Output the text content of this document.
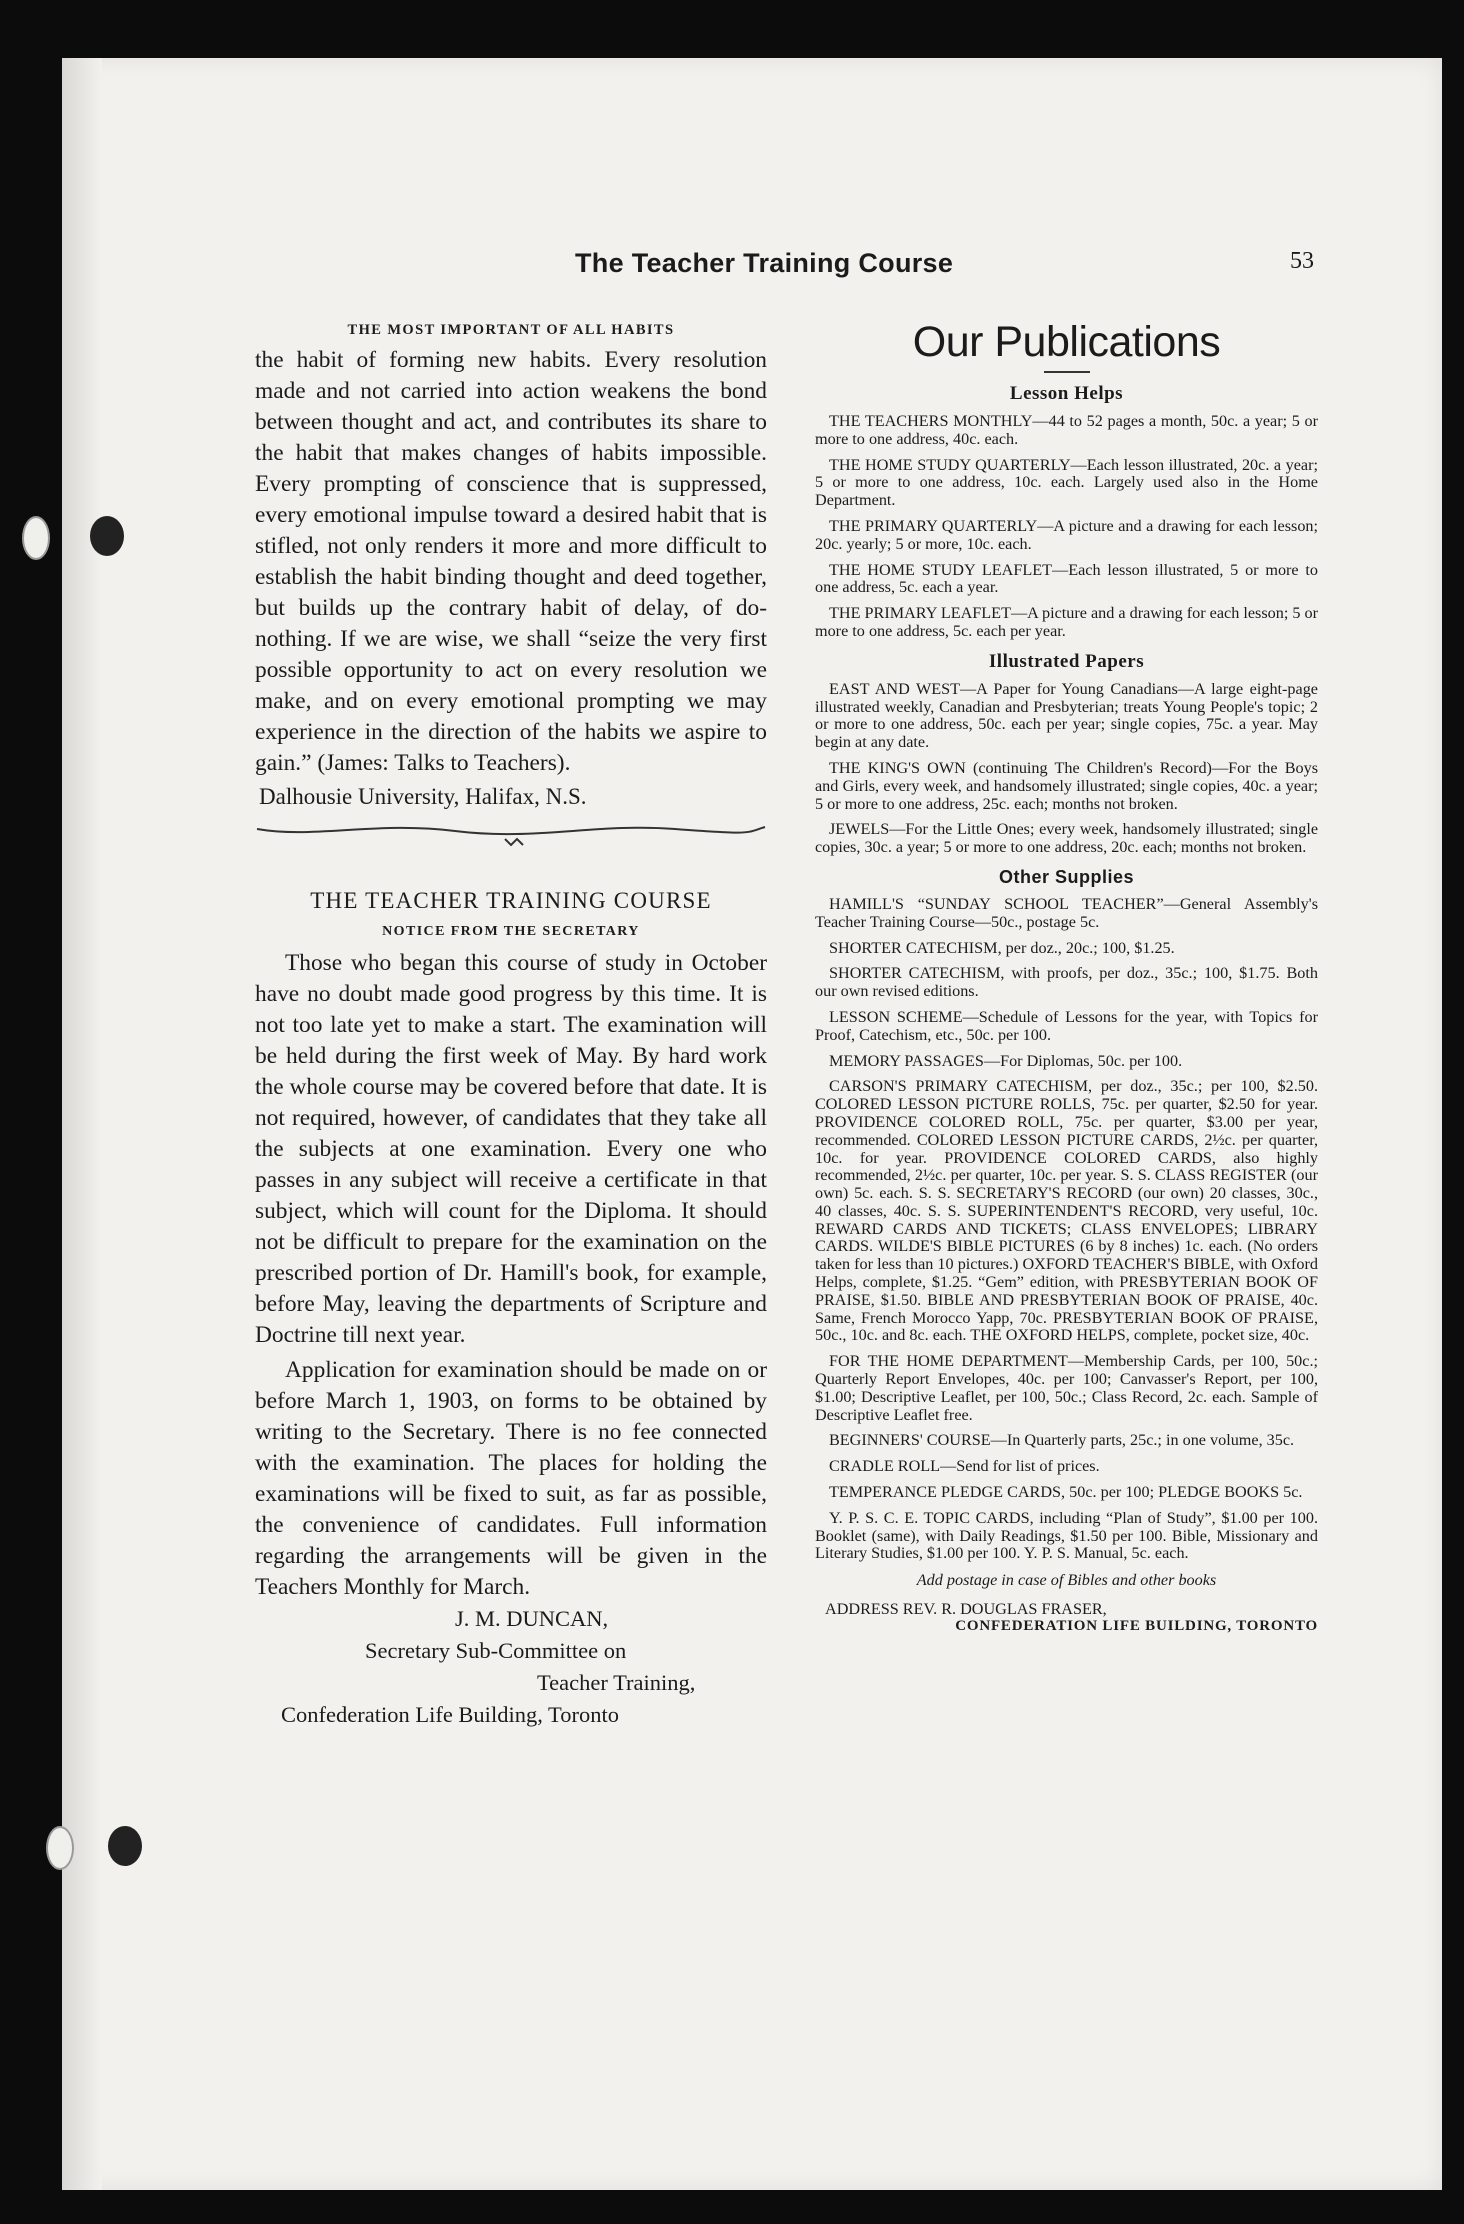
The Teacher Training Course	53

THE MOST IMPORTANT OF ALL HABITS

the habit of forming new habits. Every resolution made and not carried into action weakens the bond between thought and act, and contributes its share to the habit that makes changes of habits impossible. Every prompting of conscience that is suppressed, every emotional impulse toward a desired habit that is stifled, not only renders it more and more difficult to establish the habit binding thought and deed together, but builds up the contrary habit of delay, of do-nothing. If we are wise, we shall “seize the very first possible opportunity to act on every resolution we make, and on every emotional prompting we may experience in the direction of the habits we aspire to gain.” (James: Talks to Teachers).

Dalhousie University, Halifax, N.S.

THE TEACHER TRAINING COURSE

NOTICE FROM THE SECRETARY

Those who began this course of study in October have no doubt made good progress by this time. It is not too late yet to make a start. The examination will be held during the first week of May. By hard work the whole course may be covered before that date. It is not required, however, of candidates that they take all the subjects at one examination. Every one who passes in any subject will receive a certificate in that subject, which will count for the Diploma. It should not be difficult to prepare for the examination on the prescribed portion of Dr. Hamill's book, for example, before May, leaving the departments of Scripture and Doctrine till next year.

Application for examination should be made on or before March 1, 1903, on forms to be obtained by writing to the Secretary. There is no fee connected with the examination. The places for holding the examinations will be fixed to suit, as far as possible, the convenience of candidates. Full information regarding the arrangements will be given in the Teachers Monthly for March.

J. M. DUNCAN,

Secretary Sub-Committee on

Teacher Training,

Confederation Life Building, Toronto

Our Publications

Lesson Helps

THE TEACHERS MONTHLY—44 to 52 pages a month, 50c. a year; 5 or more to one address, 40c. each.

THE HOME STUDY QUARTERLY—Each lesson illustrated, 20c. a year; 5 or more to one address, 10c. each. Largely used also in the Home Department.

THE PRIMARY QUARTERLY—A picture and a drawing for each lesson; 20c. yearly; 5 or more, 10c. each.

THE HOME STUDY LEAFLET—Each lesson illustrated, 5 or more to one address, 5c. each a year.

THE PRIMARY LEAFLET—A picture and a drawing for each lesson; 5 or more to one address, 5c. each per year.

Illustrated Papers

EAST AND WEST—A Paper for Young Canadians—A large eight-page illustrated weekly, Canadian and Presbyterian; treats Young People's topic; 2 or more to one address, 50c. each per year; single copies, 75c. a year. May begin at any date.

THE KING'S OWN (continuing The Children's Record)—For the Boys and Girls, every week, and handsomely illustrated; single copies, 40c. a year; 5 or more to one address, 25c. each; months not broken.

JEWELS—For the Little Ones; every week, handsomely illustrated; single copies, 30c. a year; 5 or more to one address, 20c. each; months not broken.

Other Supplies

HAMILL'S “SUNDAY SCHOOL TEACHER”—General Assembly's Teacher Training Course—50c., postage 5c.

SHORTER CATECHISM, per doz., 20c.; 100, $1.25.

SHORTER CATECHISM, with proofs, per doz., 35c.; 100, $1.75. Both our own revised editions.

LESSON SCHEME—Schedule of Lessons for the year, with Topics for Proof, Catechism, etc., 50c. per 100.

MEMORY PASSAGES—For Diplomas, 50c. per 100.

CARSON'S PRIMARY CATECHISM, per doz., 35c.; per 100, $2.50. COLORED LESSON PICTURE ROLLS, 75c. per quarter, $2.50 for year. PROVIDENCE COLORED ROLL, 75c. per quarter, $3.00 per year, recommended. COLORED LESSON PICTURE CARDS, 2½c. per quarter, 10c. for year. PROVIDENCE COLORED CARDS, also highly recommended, 2½c. per quarter, 10c. per year. S. S. CLASS REGISTER (our own) 5c. each. S. S. SECRETARY'S RECORD (our own) 20 classes, 30c., 40 classes, 40c. S. S. SUPERINTENDENT'S RECORD, very useful, 10c. REWARD CARDS AND TICKETS; CLASS ENVELOPES; LIBRARY CARDS. WILDE'S BIBLE PICTURES (6 by 8 inches) 1c. each. (No orders taken for less than 10 pictures.) OXFORD TEACHER'S BIBLE, with Oxford Helps, complete, $1.25. “Gem” edition, with PRESBYTERIAN BOOK OF PRAISE, $1.50. BIBLE AND PRESBYTERIAN BOOK OF PRAISE, 40c. Same, French Morocco Yapp, 70c. PRESBYTERIAN BOOK OF PRAISE, 50c., 10c. and 8c. each. THE OXFORD HELPS, complete, pocket size, 40c.

FOR THE HOME DEPARTMENT—Membership Cards, per 100, 50c.; Quarterly Report Envelopes, 40c. per 100; Canvasser's Report, per 100, $1.00; Descriptive Leaflet, per 100, 50c.; Class Record, 2c. each. Sample of Descriptive Leaflet free.

BEGINNERS' COURSE—In Quarterly parts, 25c.; in one volume, 35c.

CRADLE ROLL—Send for list of prices.

TEMPERANCE PLEDGE CARDS, 50c. per 100; PLEDGE BOOKS 5c.

Y. P. S. C. E. TOPIC CARDS, including “Plan of Study”, $1.00 per 100. Booklet (same), with Daily Readings, $1.50 per 100. Bible, Missionary and Literary Studies, $1.00 per 100. Y. P. S. Manual, 5c. each.

Add postage in case of Bibles and other books

ADDRESS REV. R. DOUGLAS FRASER,

CONFEDERATION LIFE BUILDING, TORONTO
